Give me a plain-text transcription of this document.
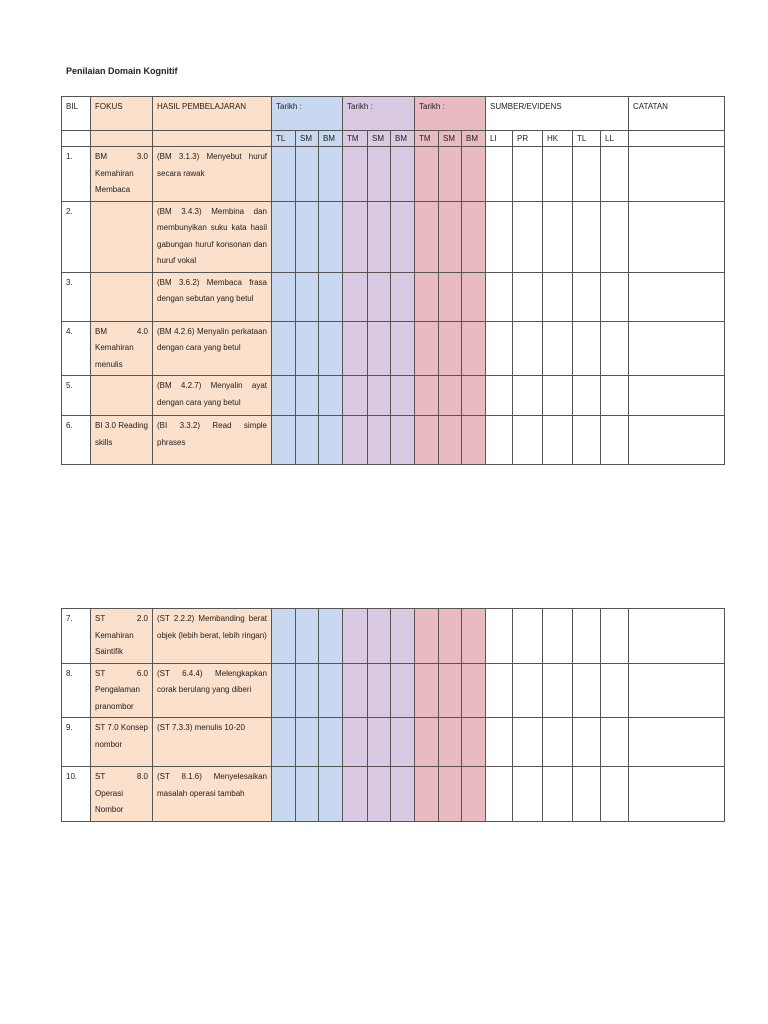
Penilaian Domain Kognitif
BIL	FOKUS	HASIL PEMBELAJARAN	Tarikh :			Tarikh :			Tarikh :			SUMBER/EVIDENS					CATATAN
			TL	SM	BM	TM	SM	BM	TM	SM	BM	LI	PR	HK	TL	LL	
1.	BM 3.0 Kemahiran Membaca	(BM 3.1.3) Menyebut huruf secara rawak															
2.		(BM 3.4.3) Membina dan membunyikan suku kata hasil gabungan huruf konsonan dan huruf vokal															
3.		(BM 3.6.2) Membaca frasa dengan sebutan yang betul															
4.	BM 4.0 Kemahiran menulis	(BM 4.2.6) Menyalin perkataan dengan cara yang betul															
5.		(BM 4.2.7) Menyalin ayat dengan cara yang betul															
6.	BI 3.0 Reading skills	(BI 3.3.2) Read simple phrases															
7.	ST 2.0 Kemahiran Saintifik	(ST 2.2.2) Membanding berat objek (lebih berat, lebih ringan)															
8.	ST 6.0 Pengalaman pranombor	(ST 6.4.4) Melengkapkan corak berulang yang diberi															
9.	ST 7.0 Konsep nombor	(ST 7.3.3) menulis 10-20															
10.	ST 8.0 Operasi Nombor	(ST 8.1.6) Menyelesaikan masalah operasi tambah															
